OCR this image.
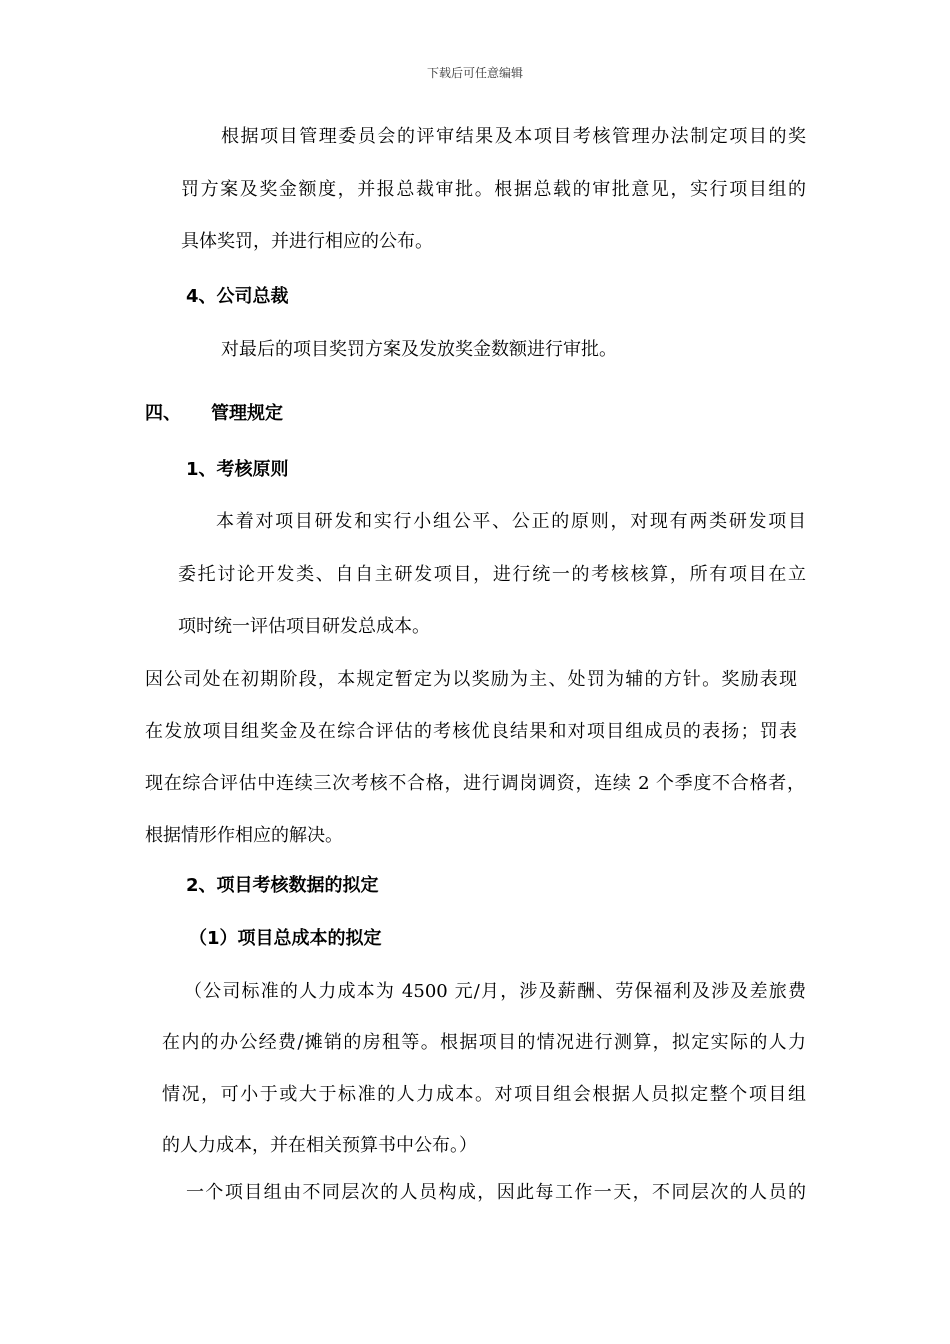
下载后可任意编辑
根据项目管理委员会的评审结果及本项目考核管理办法制定项目的奖
罚方案及奖金额度，并报总裁审批。根据总载的审批意见，实行项目组的
具体奖罚，并进行相应的公布。
4、公司总裁
对最后的项目奖罚方案及发放奖金数额进行审批。
四、 管理规定
1、考核原则
本着对项目研发和实行小组公平、公正的原则，对现有两类研发项目
委托讨论开发类、自自主研发项目，进行统一的考核核算，所有项目在立
项时统一评估项目研发总成本。
因公司处在初期阶段，本规定暂定为以奖励为主、处罚为辅的方针。奖励表现
在发放项目组奖金及在综合评估的考核优良结果和对项目组成员的表扬；罚表
现在综合评估中连续三次考核不合格，进行调岗调资，连续 2 个季度不合格者，
根据情形作相应的解决。
2、项目考核数据的拟定
（1）项目总成本的拟定
（公司标准的人力成本为 4500 元/月，涉及薪酬、劳保福利及涉及差旅费
在内的办公经费/摊销的房租等。根据项目的情况进行测算，拟定实际的人力
情况，可小于或大于标准的人力成本。对项目组会根据人员拟定整个项目组
的人力成本，并在相关预算书中公布。）
一个项目组由不同层次的人员构成，因此每工作一天，不同层次的人员的
